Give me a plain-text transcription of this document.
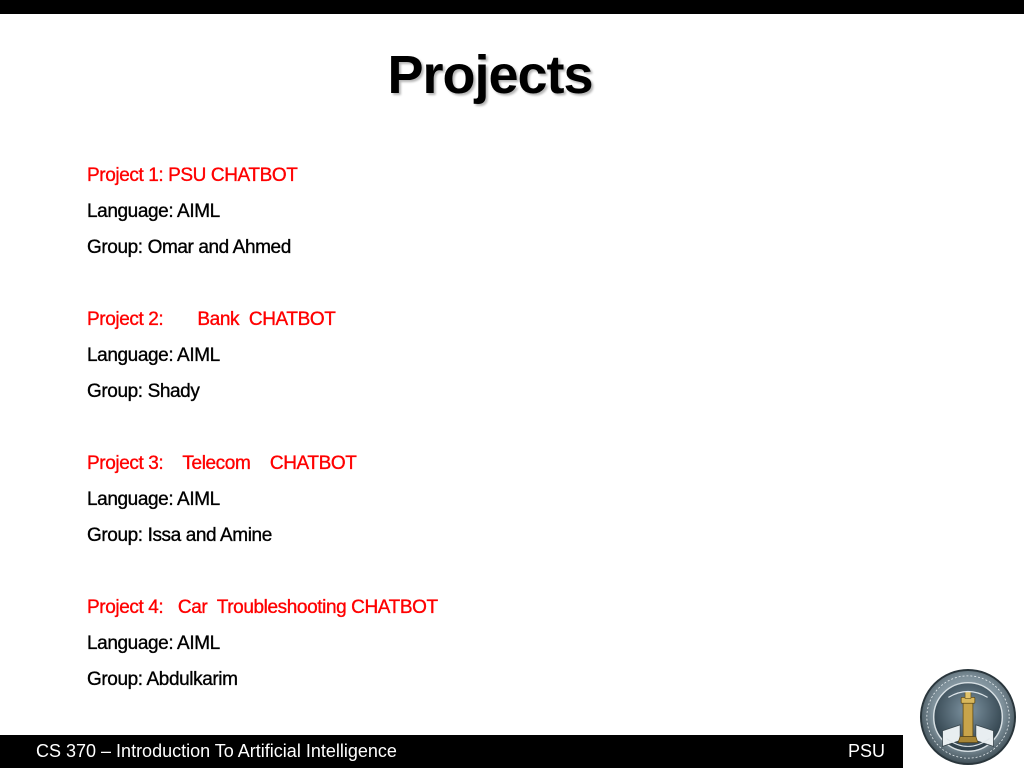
Projects
Project 1: PSU CHATBOT
Language: AIML
Group: Omar and Ahmed
Project 2:       Bank  CHATBOT
Language: AIML
Group: Shady
Project 3:    Telecom    CHATBOT
Language: AIML
Group: Issa and Amine
Project 4:   Car  Troubleshooting CHATBOT
Language: AIML
Group: Abdulkarim
CS 370 – Introduction To Artificial Intelligence	PSU
